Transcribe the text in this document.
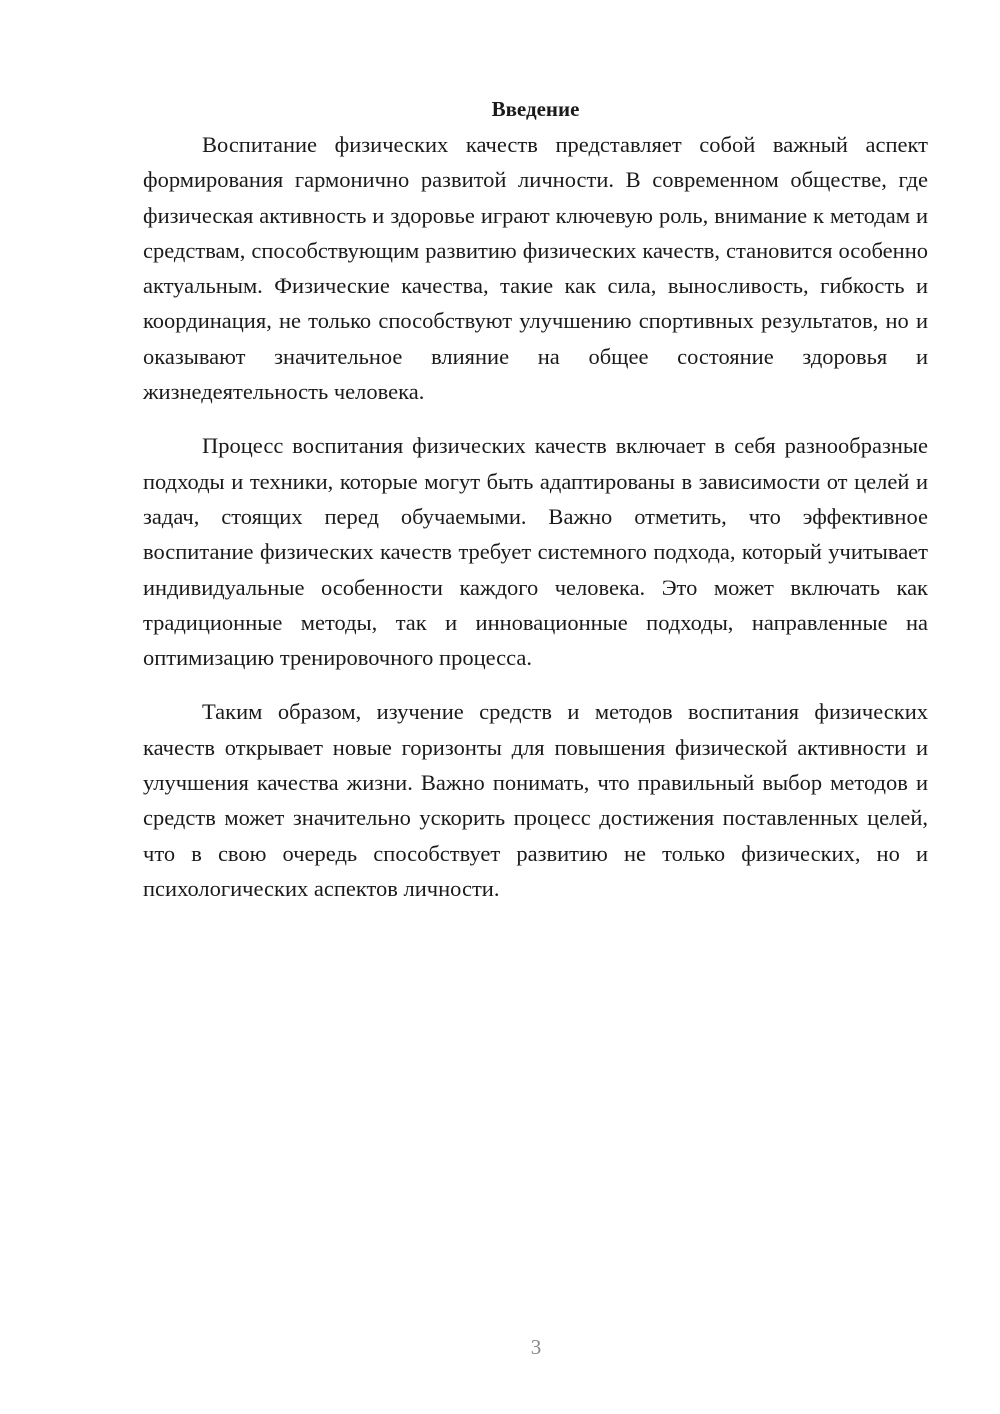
Введение

Воспитание физических качеств представляет собой важный аспект формирования гармонично развитой личности. В современном обществе, где физическая активность и здоровье играют ключевую роль, внимание к методам и средствам, способствующим развитию физических качеств, становится особенно актуальным. Физические качества, такие как сила, выносливость, гибкость и координация, не только способствуют улучшению спортивных результатов, но и оказывают значительное влияние на общее состояние здоровья и жизнедеятельность человека.

Процесс воспитания физических качеств включает в себя разнообразные подходы и техники, которые могут быть адаптированы в зависимости от целей и задач, стоящих перед обучаемыми. Важно отметить, что эффективное воспитание физических качеств требует системного подхода, который учитывает индивидуальные особенности каждого человека. Это может включать как традиционные методы, так и инновационные подходы, направленные на оптимизацию тренировочного процесса.

Таким образом, изучение средств и методов воспитания физических качеств открывает новые горизонты для повышения физической активности и улучшения качества жизни. Важно понимать, что правильный выбор методов и средств может значительно ускорить процесс достижения поставленных целей, что в свою очередь способствует развитию не только физических, но и психологических аспектов личности.

3
